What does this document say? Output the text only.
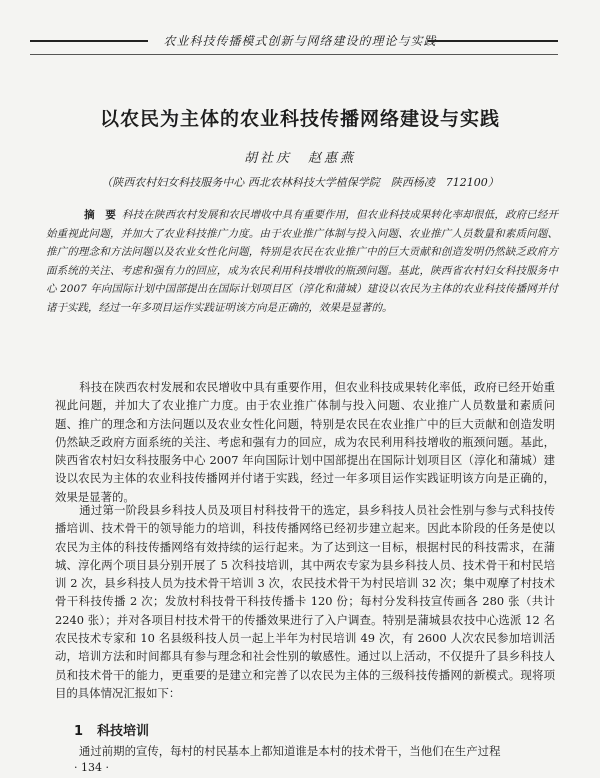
农业科技传播模式创新与网络建设的理论与实践
以农民为主体的农业科技传播网络建设与实践
胡社庆　赵惠燕
（陕西农村妇女科技服务中心 西北农林科技大学植保学院　陕西杨凌　712100）
摘　要 科技在陕西农村发展和农民增收中具有重要作用，但农业科技成果转化率却很低，政府已经开始重视此问题，并加大了农业科技推广力度。由于农业推广体制与投入问题、农业推广人员数量和素质问题、推广的理念和方法问题以及农业女性化问题，特别是农民在农业推广中的巨大贡献和创造发明仍然缺乏政府方面系统的关注、考虑和强有力的回应，成为农民利用科技增收的瓶颈问题。基此，陕西省农村妇女科技服务中心 2007 年向国际计划中国部提出在国际计划项目区（淳化和蒲城）建设以农民为主体的农业科技传播网并付诸于实践，经过一年多项目运作实践证明该方向是正确的，效果是显著的。
科技在陕西农村发展和农民增收中具有重要作用，但农业科技成果转化率低，政府已经开始重视此问题，并加大了农业推广力度。由于农业推广体制与投入问题、农业推广人员数量和素质问题、推广的理念和方法问题以及农业女性化问题，特别是农民在农业推广中的巨大贡献和创造发明仍然缺乏政府方面系统的关注、考虑和强有力的回应，成为农民利用科技增收的瓶颈问题。基此，陕西省农村妇女科技服务中心 2007 年向国际计划中国部提出在国际计划项目区（淳化和蒲城）建设以农民为主体的农业科技传播网并付诸于实践，经过一年多项目运作实践证明该方向是正确的，效果是显著的。
通过第一阶段县乡科技人员及项目村科技骨干的选定，县乡科技人员社会性别与参与式科技传播培训、技术骨干的领导能力的培训，科技传播网络已经初步建立起来。因此本阶段的任务是使以农民为主体的科技传播网络有效持续的运行起来。为了达到这一目标，根据村民的科技需求，在蒲城、淳化两个项目县分别开展了 5 次科技培训，其中两农专家为县乡科技人员、技术骨干和村民培训 2 次，县乡科技人员为技术骨干培训 3 次，农民技术骨干为村民培训 32 次；集中观摩了村技术骨干科技传播 2 次；发放村科技骨干科技传播卡 120 份；每村分发科技宣传画各 280 张（共计 2240 张）；并对各项目村技术骨干的传播效果进行了入户调查。特别是蒲城县农技中心选派 12 名农民技术专家和 10 名县级科技人员一起上半年为村民培训 49 次，有 2600 人次农民参加培训活动，培训方法和时间都具有参与理念和社会性别的敏感性。通过以上活动，不仅提升了县乡科技人员和技术骨干的能力，更重要的是建立和完善了以农民为主体的三级科技传播网的新模式。现将项目的具体情况汇报如下：
1 科技培训
通过前期的宣传，每村的村民基本上都知道谁是本村的技术骨干，当他们在生产过程
· 134 ·
